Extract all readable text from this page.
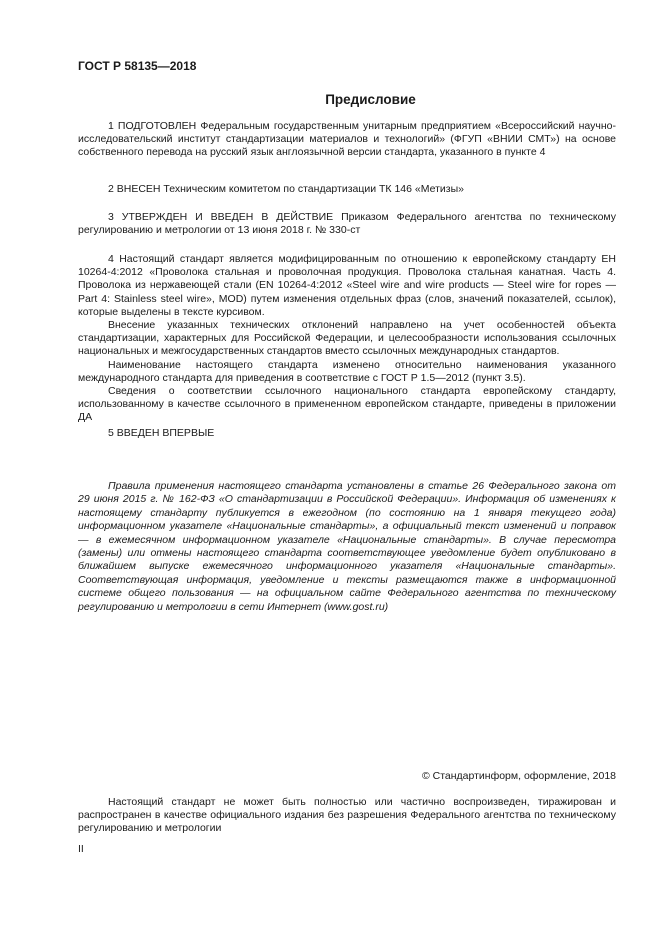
ГОСТ Р 58135—2018
Предисловие

1 ПОДГОТОВЛЕН Федеральным государственным унитарным предприятием «Всероссийский научно-исследовательский институт стандартизации материалов и технологий» (ФГУП «ВНИИ СМТ») на основе собственного перевода на русский язык англоязычной версии стандарта, указанного в пункте 4

2 ВНЕСЕН Техническим комитетом по стандартизации ТК 146 «Метизы»

3 УТВЕРЖДЕН И ВВЕДЕН В ДЕЙСТВИЕ Приказом Федерального агентства по техническому регулированию и метрологии от 13 июня 2018 г. № 330-ст

4 Настоящий стандарт является модифицированным по отношению к европейскому стандарту ЕН 10264-4:2012 «Проволока стальная и проволочная продукция. Проволока стальная канатная. Часть 4. Проволока из нержавеющей стали (EN 10264-4:2012 «Steel wire and wire products — Steel wire for ropes — Part 4: Stainless steel wire», MOD) путем изменения отдельных фраз (слов, значений показателей, ссылок), которые выделены в тексте курсивом.

Внесение указанных технических отклонений направлено на учет особенностей объекта стандартизации, характерных для Российской Федерации, и целесообразности использования ссылочных национальных и межгосударственных стандартов вместо ссылочных международных стандартов.

Наименование настоящего стандарта изменено относительно наименования указанного международного стандарта для приведения в соответствие с ГОСТ Р 1.5—2012 (пункт 3.5).

Сведения о соответствии ссылочного национального стандарта европейскому стандарту, использованному в качестве ссылочного в примененном европейском стандарте, приведены в приложении ДА

5 ВВЕДЕН ВПЕРВЫЕ

Правила применения настоящего стандарта установлены в статье 26 Федерального закона от 29 июня 2015 г. № 162-ФЗ «О стандартизации в Российской Федерации». Информация об изменениях к настоящему стандарту публикуется в ежегодном (по состоянию на 1 января текущего года) информационном указателе «Национальные стандарты», а официальный текст изменений и поправок — в ежемесячном информационном указателе «Национальные стандарты». В случае пересмотра (замены) или отмены настоящего стандарта соответствующее уведомление будет опубликовано в ближайшем выпуске ежемесячного информационного указателя «Национальные стандарты». Соответствующая информация, уведомление и тексты размещаются также в информационной системе общего пользования — на официальном сайте Федерального агентства по техническому регулированию и метрологии в сети Интернет (www.gost.ru)

© Стандартинформ, оформление, 2018

Настоящий стандарт не может быть полностью или частично воспроизведен, тиражирован и распространен в качестве официального издания без разрешения Федерального агентства по техническому регулированию и метрологии

II
